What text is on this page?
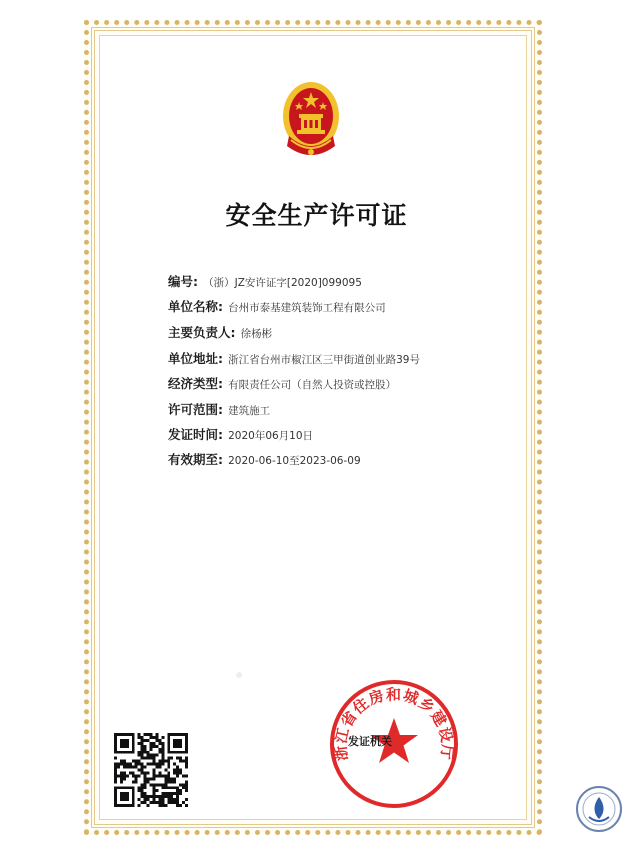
安全生产许可证
编号: （浙）JZ安许证字[2020]099095
单位名称: 台州市泰基建筑装饰工程有限公司
主要负责人: 徐杨彬
单位地址: 浙江省台州市椒江区三甲街道创业路39号
经济类型: 有限责任公司（自然人投资或控股）
许可范围: 建筑施工
发证时间: 2020年06月10日
有效期至: 2020-06-10至2023-06-09
浙江省住房和城乡建设厅
发证机关
